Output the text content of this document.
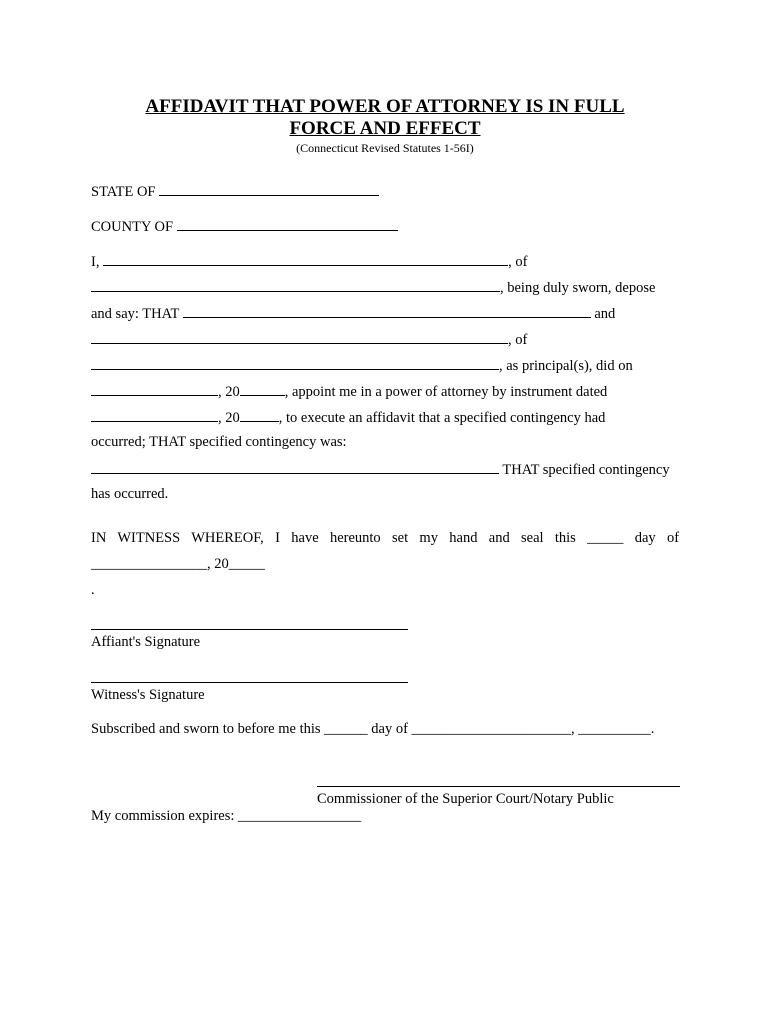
AFFIDAVIT THAT POWER OF ATTORNEY IS IN FULL
FORCE AND EFFECT
(Connecticut Revised Statutes 1-56I)
STATE OF
COUNTY OF
I,	, of
, being duly sworn, depose
and say: THAT	and
, of
, as principal(s), did on
, 20	, appoint me in a power of attorney by instrument dated
, 20	, to execute an affidavit that a specified contingency had
occurred; THAT specified contingency was:
THAT specified contingency
has occurred.
IN WITNESS WHEREOF, I have hereunto set my hand and seal this _____ day of
________________, 20_____
.
Affiant's Signature
Witness's Signature
Subscribed and sworn to before me this ______ day of ______________________, __________.
Commissioner of the Superior Court/Notary Public
My commission expires: _________________
